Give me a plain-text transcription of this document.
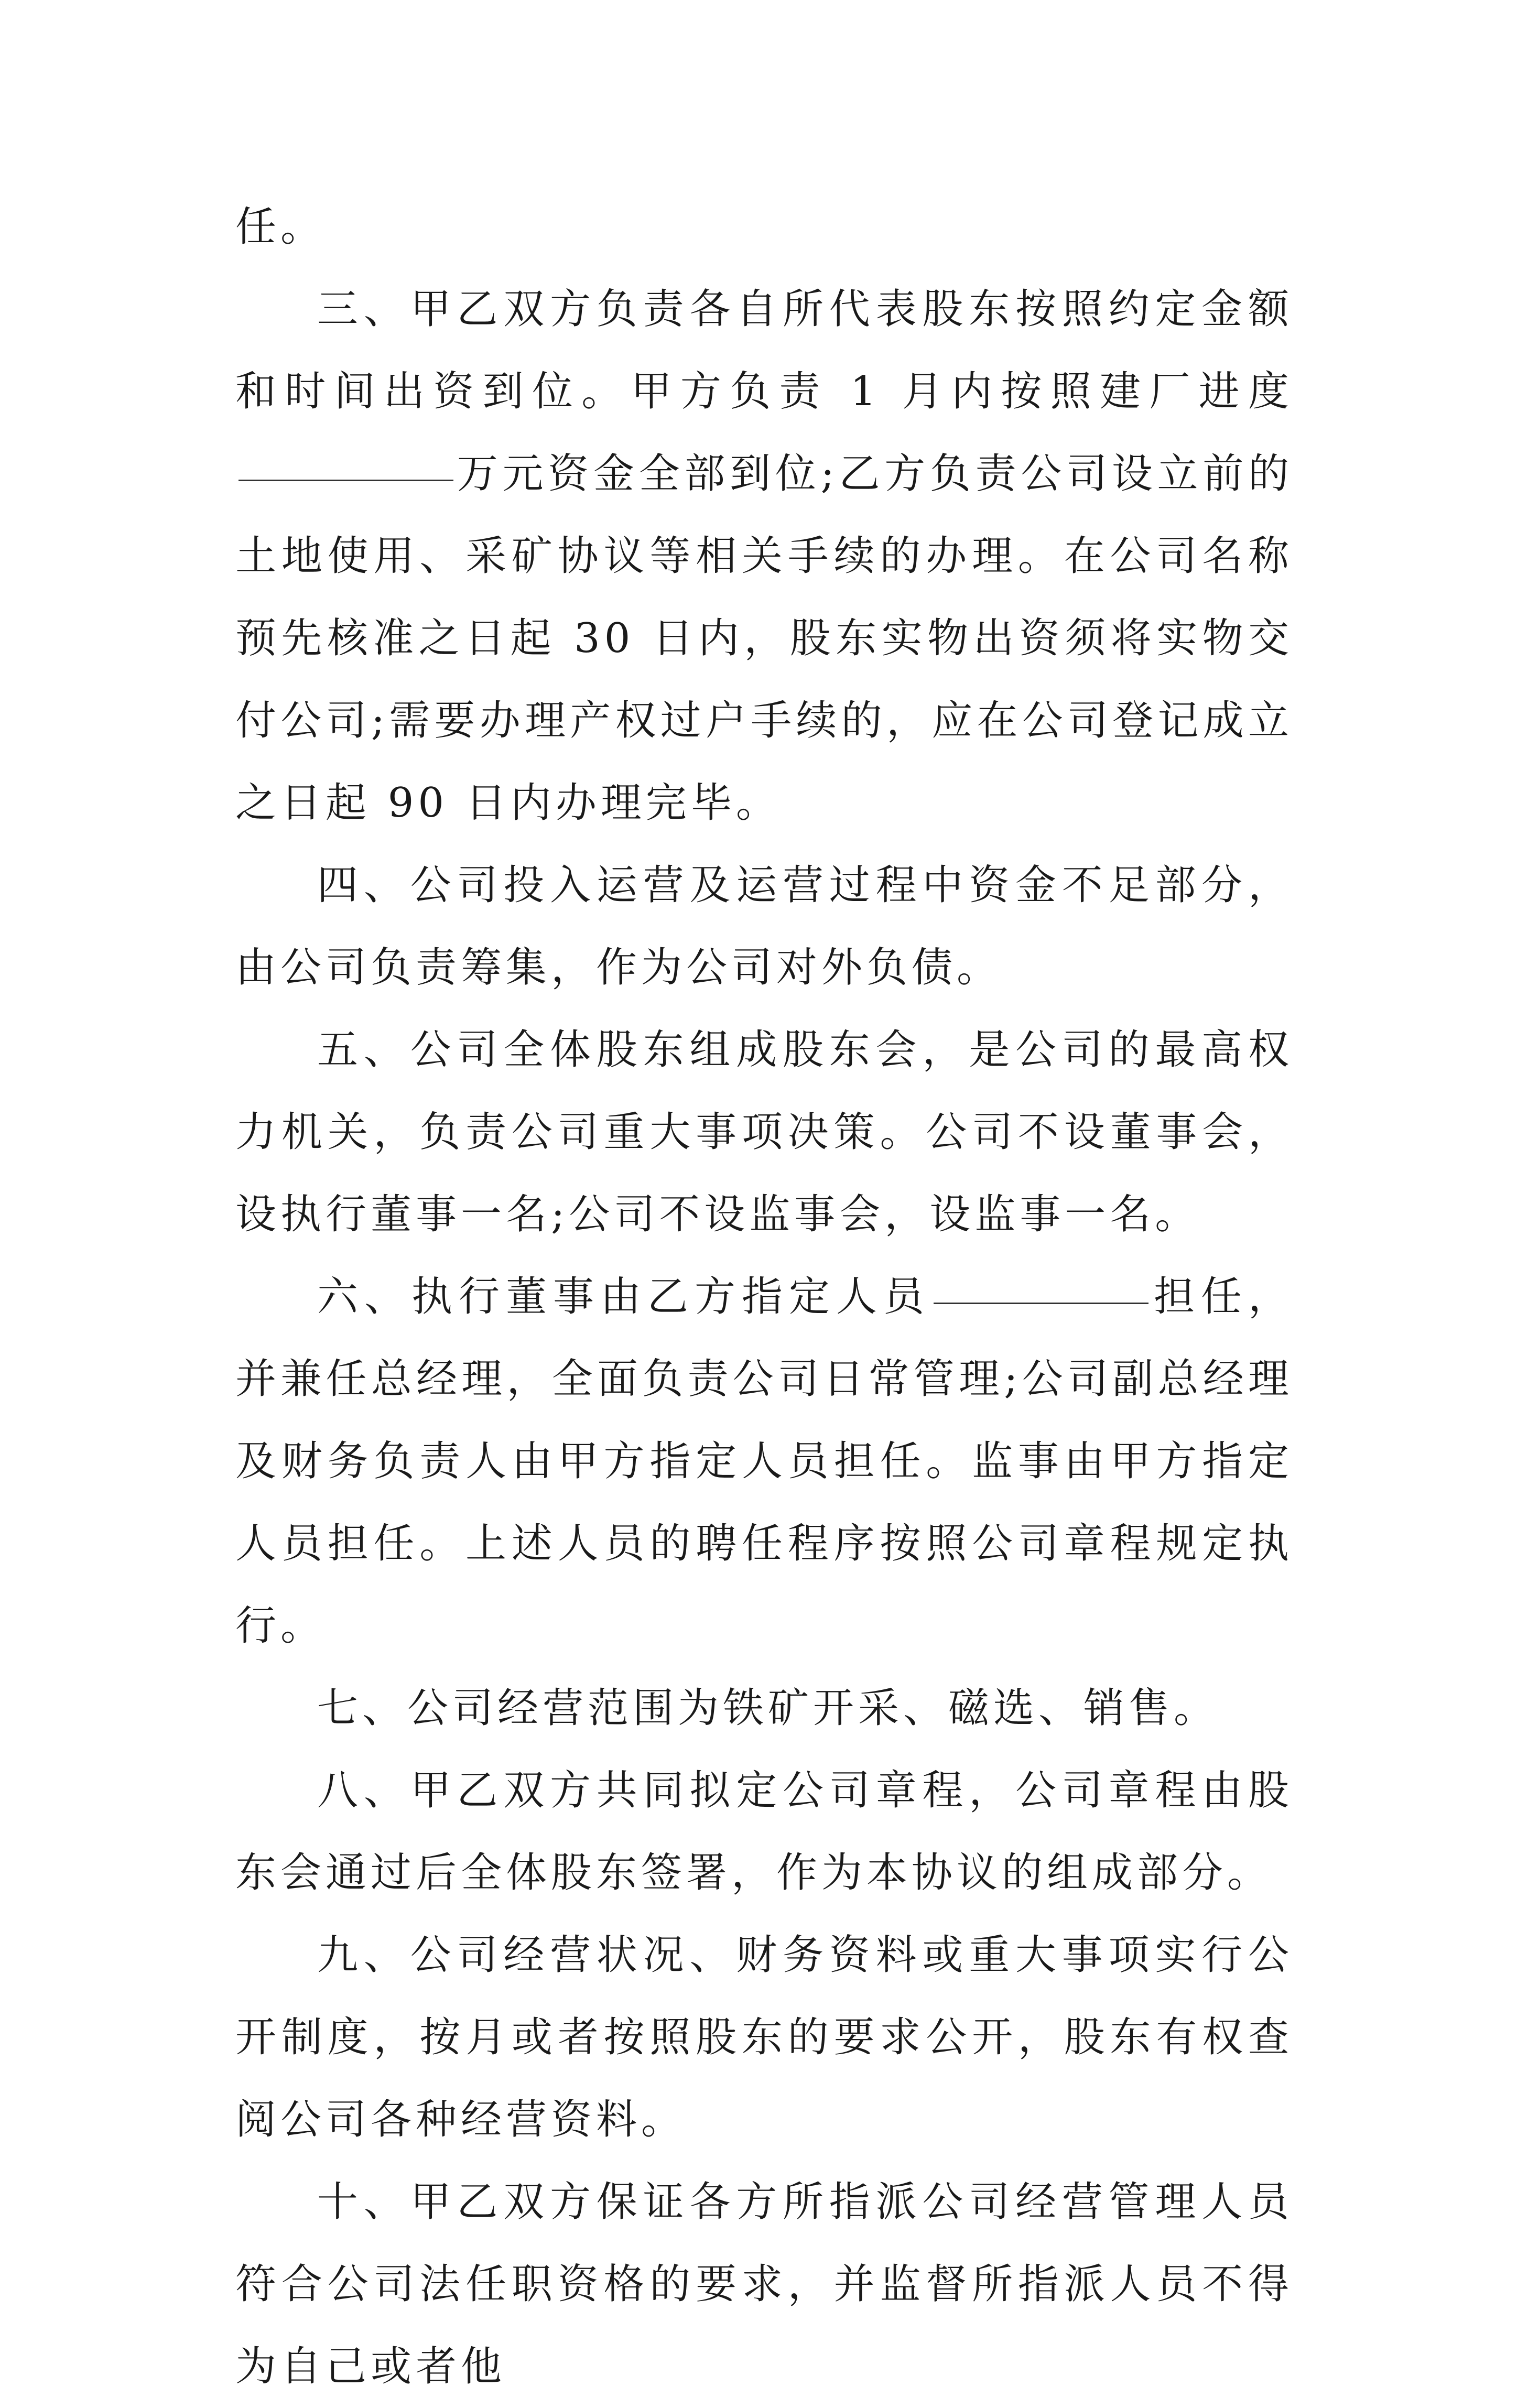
任。

三、甲乙双方负责各自所代表股东按照约定金额和时间出资到位。甲方负责 1 月内按照建厂进度万元资金全部到位;乙方负责公司设立前的土地使用、采矿协议等相关手续的办理。在公司名称预先核准之日起 30 日内，股东实物出资须将实物交付公司;需要办理产权过户手续的，应在公司登记成立之日起 90 日内办理完毕。

四、公司投入运营及运营过程中资金不足部分，由公司负责筹集，作为公司对外负债。

五、公司全体股东组成股东会，是公司的最高权力机关，负责公司重大事项决策。公司不设董事会，设执行董事一名;公司不设监事会，设监事一名。

六、执行董事由乙方指定人员	担任，并兼任总经理，全面负责公司日常管理;公司副总经理及财务负责人由甲方指定人员担任。监事由甲方指定人员担任。上述人员的聘任程序按照公司章程规定执行。

七、公司经营范围为铁矿开采、磁选、销售。

八、甲乙双方共同拟定公司章程，公司章程由股东会通过后全体股东签署，作为本协议的组成部分。

九、公司经营状况、财务资料或重大事项实行公开制度，按月或者按照股东的要求公开，股东有权查阅公司各种经营资料。

十、甲乙双方保证各方所指派公司经营管理人员符合公司法任职资格的要求，并监督所指派人员不得为自己或者他
